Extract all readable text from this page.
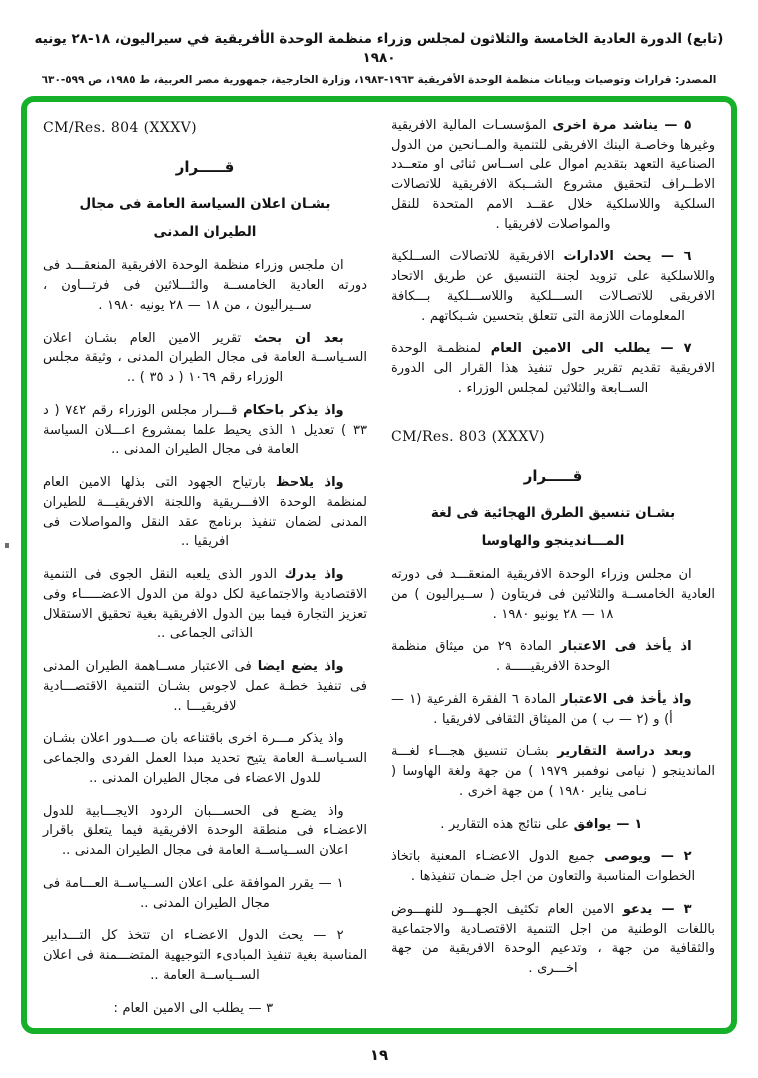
(تابع) الدورة العادية الخامسة والثلاثون لمجلس وزراء منظمة الوحدة الأفريقية في سيراليون، ١٨-٢٨ يونيه ١٩٨٠
المصدر: قرارات وتوصيات وبيانات منظمة الوحدة الأفريقية ١٩٦٣-١٩٨٣، وزارة الخارجية، جمهورية مصر العربية، ط ١٩٨٥، ص ٥٩٩-٦٣٠

٥ — يناشد مرة اخرى المؤسسـات المالية الافريقية وغيرها وخاصـة البنك الافريقى للتنمية والمــانحين من الدول الصناعية التعهد بتقديم اموال على اســاس ثنائى او متعــدد الاطــراف لتحقيق مشروع الشــبكة الافريقية للاتصالات السلكية واللاسلكية خلال عقــد الامم المتحدة للنقل والمواصلات لافريقيا .

٦ — يحث الادارات الافريقية للاتصالات الســلكية واللاسلكية على تزويد لجنة التنسيق عن طريق الاتحاد الافريقى للاتصـالات الســـلكية واللاســـلكية بـــكافة المعلومات اللازمة التى تتعلق بتحسين شـبكاتهم .

٧ — يطلب الى الامين العام لمنظمـة الوحدة الافريقية تقديم تقرير حول تنفيذ هذا القرار الى الدورة الســابعة والثلاثين لمجلس الوزراء .

CM/Res. 803 (XXXV)
قـــــرار
بشـان تنسيق الطرق الهجائية فى لغة
المـــاندينجو والهاوسا

ان مجلس وزراء الوحدة الافريقية المنعقـــد فى دورته العادية الخامســة والثلاثين فى فريتاون ( ســيراليون ) من ١٨ — ٢٨ يونيو ١٩٨٠ .

اذ يأخذ فى الاعتبار المادة ٢٩ من ميثاق منظمة الوحدة الافريقيـــــة .

واذ يأخذ فى الاعتبار المادة ٦ الفقرة الفرعية (١ — أ) و (٢ — ب ) من الميثاق الثقافى لافريقيا .

وبعد دراسة التقارير بشـان تنسيق هجـــاء لغـــة الماندينجو ( نيامى نوفمبر ١٩٧٩ ) من جهة ولغة الهاوسا ( نـامى يناير ١٩٨٠ ) من جهة اخرى .

١ — يوافق على نتائج هذه التقارير .

٢ — ويوصى جميع الدول الاعضـاء المعنية باتخاذ الخطوات المناسبة والتعاون من اجل ضـمان تنفيذها .

٣ — يدعو الامين العام تكثيف الجهـــود للنهـــوض باللغات الوطنية من اجل التنمية الاقتصـادية والاجتماعية والثقافية من جهة ، وتدعيم الوحدة الافريقية من جهة اخـــرى .

CM/Res. 804 (XXXV)
قـــــرار
بشـان اعلان السياسة العامة فى مجال
الطيران المدنى

ان ملجس وزراء منظمة الوحدة الافريقية المنعقـــد فى دورته العادية الخامســة والثـــلاثين فى فرتـــاون ، ســيراليون ، من ١٨ — ٢٨ يونيه ١٩٨٠ .

بعد ان بحث تقرير الامين العام بشـان اعلان السـياســة العامة فى مجال الطيران المدنى ، وثيقة مجلس الوزراء رقم ١٠٦٩ ( د ٣٥ ) ..

واذ يذكر باحكام قـــرار مجلس الوزراء رقم ٧٤٢ ( د ٣٣ ) تعديل ١ الذى يحيط علما بمشروع اعـــلان السياسة العامة فى مجال الطيران المدنى ..

واذ يلاحظ بارتياح الجهود التى بذلها الامين العام لمنظمة الوحدة الافـــريقية واللجنة الافريقيـــة للطيران المدنى لضمان تنفيذ برنامج عقد النقل والمواصلات فى افريقيا ..

واذ يدرك الدور الذى يلعبه النقل الجوى فى التنمية الاقتصادية والاجتماعية لكل دولة من الدول الاعضـــــاء وفى تعزيز التجارة فيما بين الدول الافريقية بغية تحقيق الاستقلال الذاتى الجماعى ..

واذ يضع ايضا فى الاعتبار مســاهمة الطيران المدنى فى تنفيذ خطـة عمل لاجوس بشـان التنمية الاقتصـــادية لافريقيـــا ..

واذ يذكر مـــرة اخرى باقتناعه بان صـــدور اعلان بشـان السـياســة العامة يتيح تحديد مبدا العمل الفردى والجماعى للدول الاعضاء فى مجال الطيران المدنى ..

واذ يضـع فى الحســـبان الردود الايجـــابية للدول الاعضـاء فى منطقة الوحدة الافريقية فيما يتعلق باقرار اعلان الســياســة العامة فى مجال الطيران المدنى ..

١ — يقرر الموافقة على اعلان الســياســة العـــامة فى مجال الطيران المدنى ..

٢ — يحث الدول الاعضـاء ان تتخذ كل التـــدابير المناسبة بغية تنفيذ المبادىء التوجيهية المتضـــمنة فى اعلان الســياســة العامة ..

٣ — يطلب الى الامين العام :

١٩
